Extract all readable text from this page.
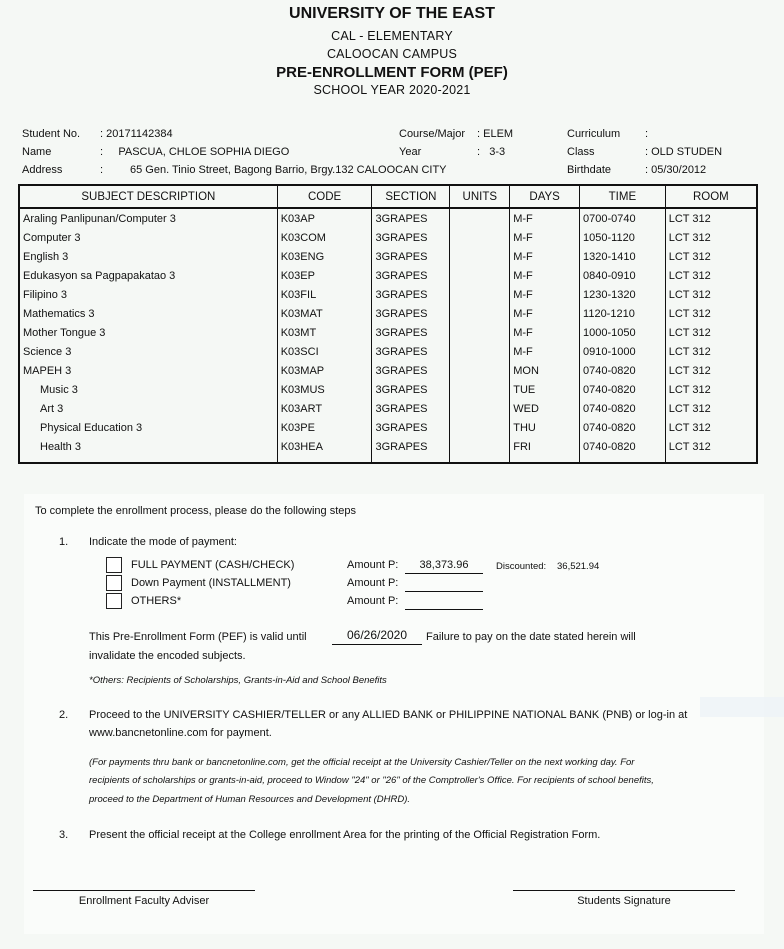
UNIVERSITY OF THE EAST
CAL - ELEMENTARY
CALOOCAN CAMPUS
PRE-ENROLLMENT FORM (PEF)
SCHOOL YEAR 2020-2021
Student No. : 20171142384
Name	:     PASCUA, CHLOE SOPHIA DIEGO
Address	: 65 Gen. Tinio Street, Bagong Barrio, Brgy.132 CALOOCAN CITY
Course/Major : ELEM
Year	:   3-3
Curriculum :
Class	: OLD STUDEN
Birthdate	: 05/30/2012
SUBJECT DESCRIPTION	CODE	SECTION	UNITS	DAYS	TIME	ROOM
Araling Panlipunan/Computer 3	K03AP	3GRAPES		M-F	0700-0740	LCT 312
Computer 3	K03COM	3GRAPES		M-F	1050-1120	LCT 312
English 3	K03ENG	3GRAPES		M-F	1320-1410	LCT 312
Edukasyon sa Pagpapakatao 3	K03EP	3GRAPES		M-F	0840-0910	LCT 312
Filipino 3	K03FIL	3GRAPES		M-F	1230-1320	LCT 312
Mathematics 3	K03MAT	3GRAPES		M-F	1120-1210	LCT 312
Mother Tongue 3	K03MT	3GRAPES		M-F	1000-1050	LCT 312
Science 3	K03SCI	3GRAPES		M-F	0910-1000	LCT 312
MAPEH 3	K03MAP	3GRAPES		MON	0740-0820	LCT 312
Music 3	K03MUS	3GRAPES		TUE	0740-0820	LCT 312
Art 3	K03ART	3GRAPES		WED	0740-0820	LCT 312
Physical Education 3	K03PE	3GRAPES		THU	0740-0820	LCT 312
Health 3	K03HEA	3GRAPES		FRI	0740-0820	LCT 312
To complete the enrollment process, please do the following steps
1. Indicate the mode of payment:
FULL PAYMENT (CASH/CHECK)	Amount P:	38,373.96	Discounted: 36,521.94
Down Payment (INSTALLMENT)	Amount P:
OTHERS*	Amount P:
This Pre-Enrollment Form (PEF) is valid until	06/26/2020	Failure to pay on the date stated herein will
invalidate the encoded subjects.
*Others: Recipients of Scholarships, Grants-in-Aid and School Benefits
2. Proceed to the UNIVERSITY CASHIER/TELLER or any ALLIED BANK or PHILIPPINE NATIONAL BANK (PNB) or log-in at
www.bancnetonline.com for payment.
(For payments thru bank or bancnetonline.com, get the official receipt at the University Cashier/Teller on the next working day. For
recipients of scholarships or grants-in-aid, proceed to Window "24" or "26" of the Comptroller's Office. For recipients of school benefits,
proceed to the Department of Human Resources and Development (DHRD).
3. Present the official receipt at the College enrollment Area for the printing of the Official Registration Form.
Enrollment Faculty Adviser	Students Signature
